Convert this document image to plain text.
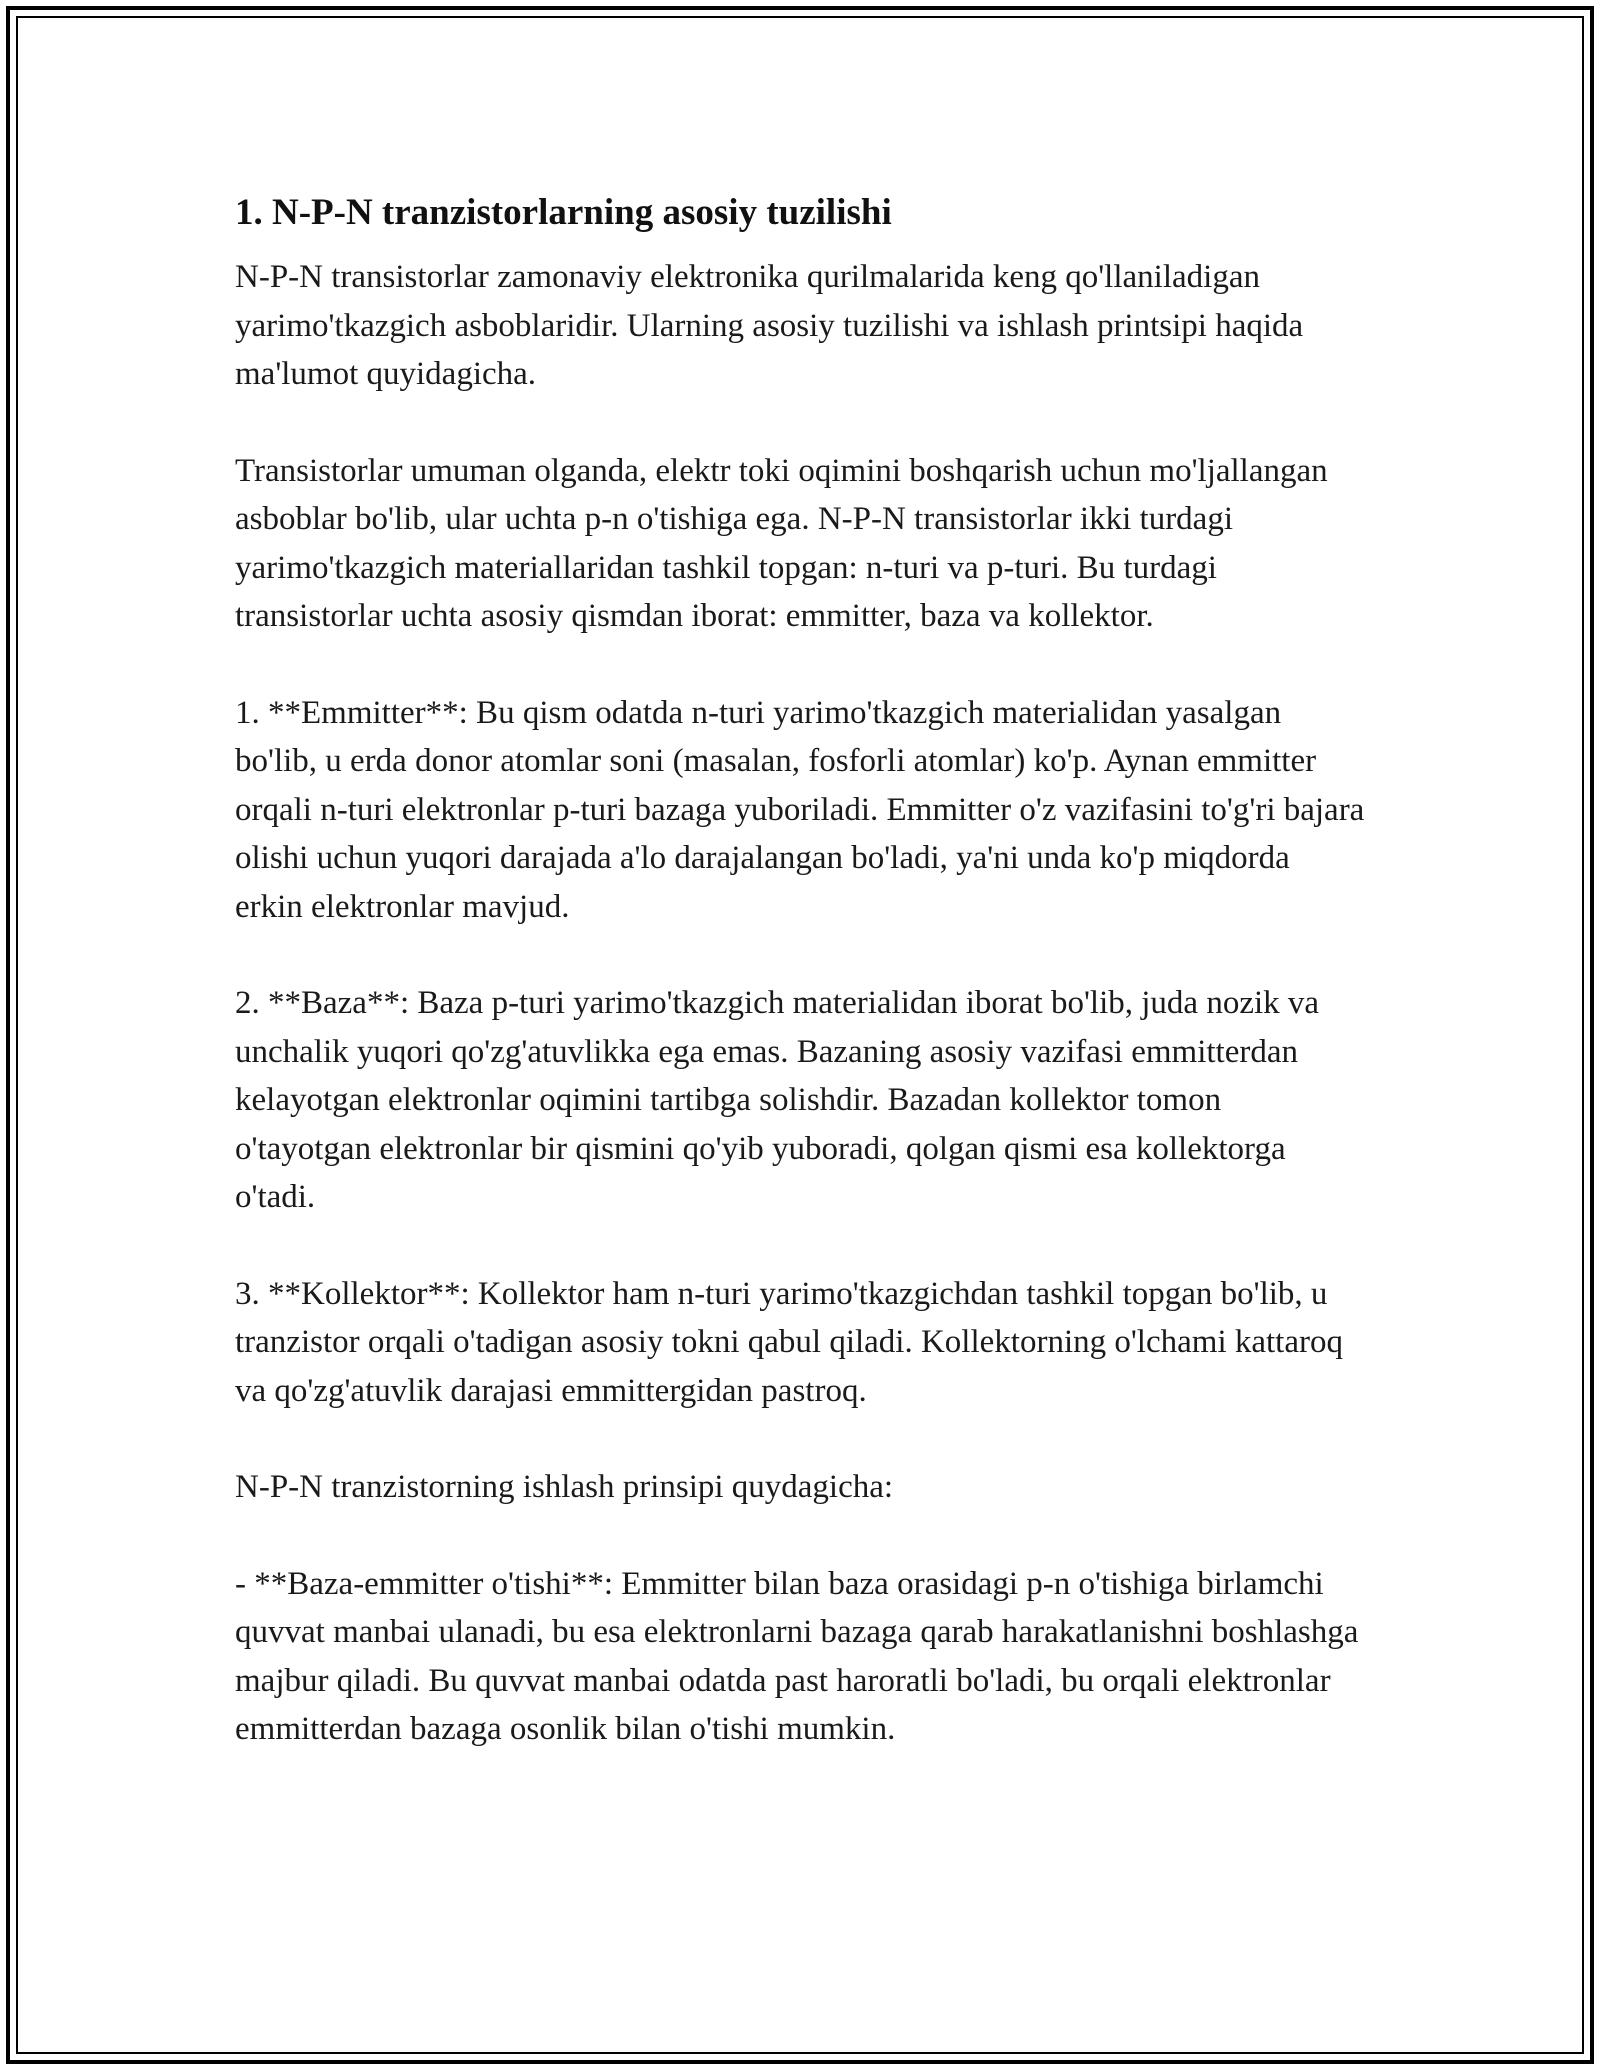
1. N-P-N tranzistorlarning asosiy tuzilishi

N-P-N transistorlar zamonaviy elektronika qurilmalarida keng qo'llaniladigan yarimo'tkazgich asboblaridir. Ularning asosiy tuzilishi va ishlash printsipi haqida ma'lumot quyidagicha.

Transistorlar umuman olganda, elektr toki oqimini boshqarish uchun mo'ljallangan asboblar bo'lib, ular uchta p-n o'tishiga ega. N-P-N transistorlar ikki turdagi yarimo'tkazgich materiallaridan tashkil topgan: n-turi va p-turi. Bu turdagi transistorlar uchta asosiy qismdan iborat: emmitter, baza va kollektor.

1. **Emmitter**: Bu qism odatda n-turi yarimo'tkazgich materialidan yasalgan bo'lib, u erda donor atomlar soni (masalan, fosforli atomlar) ko'p. Aynan emmitter orqali n-turi elektronlar p-turi bazaga yuboriladi. Emmitter o'z vazifasini to'g'ri bajara olishi uchun yuqori darajada a'lo darajalangan bo'ladi, ya'ni unda ko'p miqdorda erkin elektronlar mavjud.

2. **Baza**: Baza p-turi yarimo'tkazgich materialidan iborat bo'lib, juda nozik va unchalik yuqori qo'zg'atuvlikka ega emas. Bazaning asosiy vazifasi emmitterdan kelayotgan elektronlar oqimini tartibga solishdir. Bazadan kollektor tomon o'tayotgan elektronlar bir qismini qo'yib yuboradi, qolgan qismi esa kollektorga o'tadi.

3. **Kollektor**: Kollektor ham n-turi yarimo'tkazgichdan tashkil topgan bo'lib, u tranzistor orqali o'tadigan asosiy tokni qabul qiladi. Kollektorning o'lchami kattaroq va qo'zg'atuvlik darajasi emmittergidan pastroq.

N-P-N tranzistorning ishlash prinsipi quydagicha:

- **Baza-emmitter o'tishi**: Emmitter bilan baza orasidagi p-n o'tishiga birlamchi quvvat manbai ulanadi, bu esa elektronlarni bazaga qarab harakatlanishni boshlashga majbur qiladi. Bu quvvat manbai odatda past haroratli bo'ladi, bu orqali elektronlar emmitterdan bazaga osonlik bilan o'tishi mumkin.
